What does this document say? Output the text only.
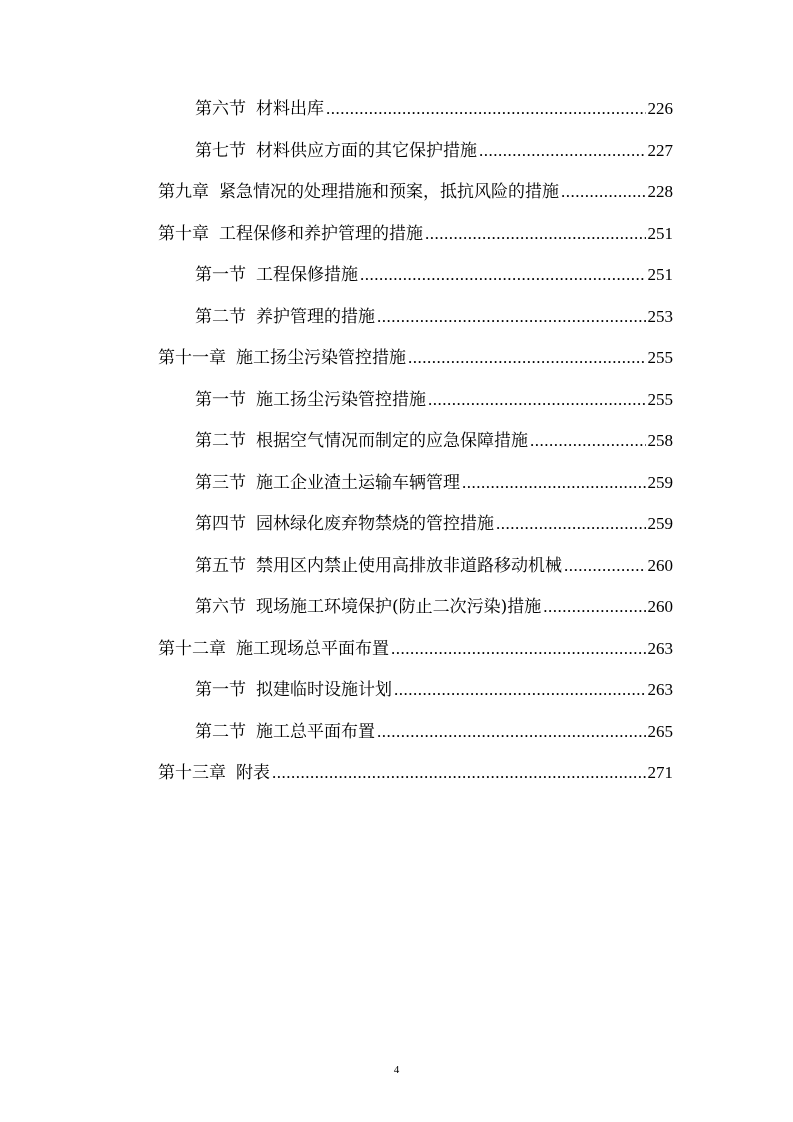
第六节 材料出库 .....	226
第七节 材料供应方面的其它保护措施 .....	227
第九章 紧急情况的处理措施和预案，抵抗风险的措施 .....	228
第十章 工程保修和养护管理的措施 .....	251
第一节 工程保修措施 .....	251
第二节 养护管理的措施 .....	253
第十一章 施工扬尘污染管控措施 .....	255
第一节 施工扬尘污染管控措施 .....	255
第二节 根据空气情况而制定的应急保障措施 .....	258
第三节 施工企业渣土运输车辆管理 .....	259
第四节 园林绿化废弃物禁烧的管控措施 .....	259
第五节 禁用区内禁止使用高排放非道路移动机械 .....	260
第六节 现场施工环境保护(防止二次污染)措施 .....	260
第十二章 施工现场总平面布置 .....	263
第一节 拟建临时设施计划 .....	263
第二节 施工总平面布置 .....	265
第十三章 附表 .....	271
4
